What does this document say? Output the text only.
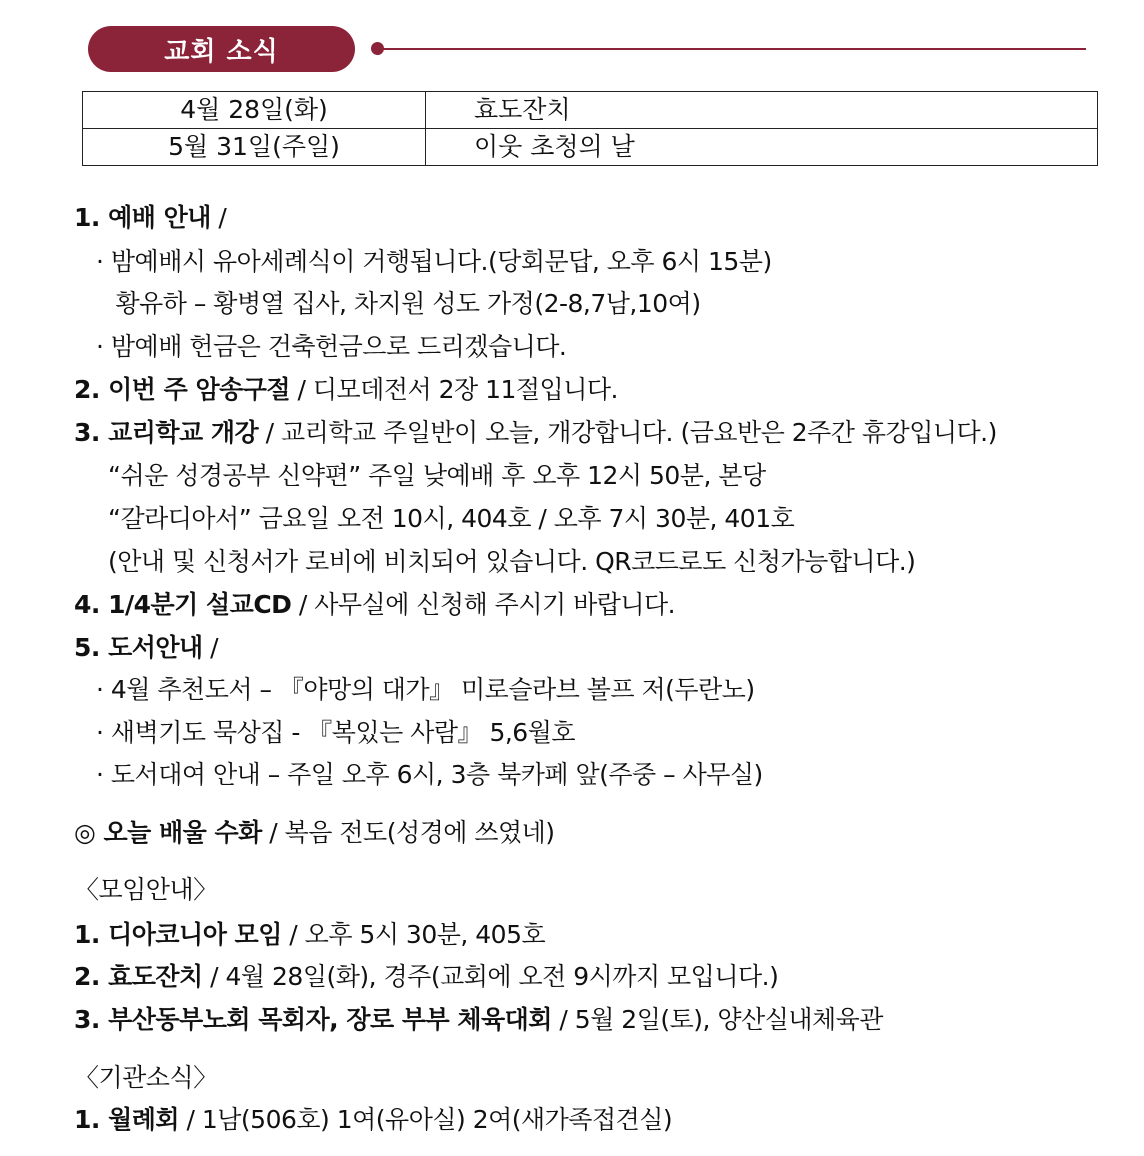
교회 소식
4월 28일(화)	효도잔치
5월 31일(주일)	이웃 초청의 날
1. 예배 안내 /
· 밤예배시 유아세례식이 거행됩니다.(당회문답, 오후 6시 15분)
황유하 – 황병열 집사, 차지원 성도 가정(2-8,7남,10여)
· 밤예배 헌금은 건축헌금으로 드리겠습니다.
2. 이번 주 암송구절 / 디모데전서 2장 11절입니다.
3. 교리학교 개강 / 교리학교 주일반이 오늘, 개강합니다. (금요반은 2주간 휴강입니다.)
“쉬운 성경공부 신약편” 주일 낮예배 후 오후 12시 50분, 본당
“갈라디아서” 금요일 오전 10시, 404호 / 오후 7시 30분, 401호
(안내 및 신청서가 로비에 비치되어 있습니다. QR코드로도 신청가능합니다.)
4. 1/4분기 설교CD / 사무실에 신청해 주시기 바랍니다.
5. 도서안내 /
· 4월 추천도서 – 『야망의 대가』 미로슬라브 볼프 저(두란노)
· 새벽기도 묵상집 - 『복있는 사람』 5,6월호
· 도서대여 안내 – 주일 오후 6시, 3층 북카페 앞(주중 – 사무실)
◎ 오늘 배울 수화 / 복음 전도(성경에 쓰였네)
〈모임안내〉
1. 디아코니아 모임 / 오후 5시 30분, 405호
2. 효도잔치 / 4월 28일(화), 경주(교회에 오전 9시까지 모입니다.)
3. 부산동부노회 목회자, 장로 부부 체육대회 / 5월 2일(토), 양산실내체육관
〈기관소식〉
1. 월례회 / 1남(506호) 1여(유아실) 2여(새가족접견실)
